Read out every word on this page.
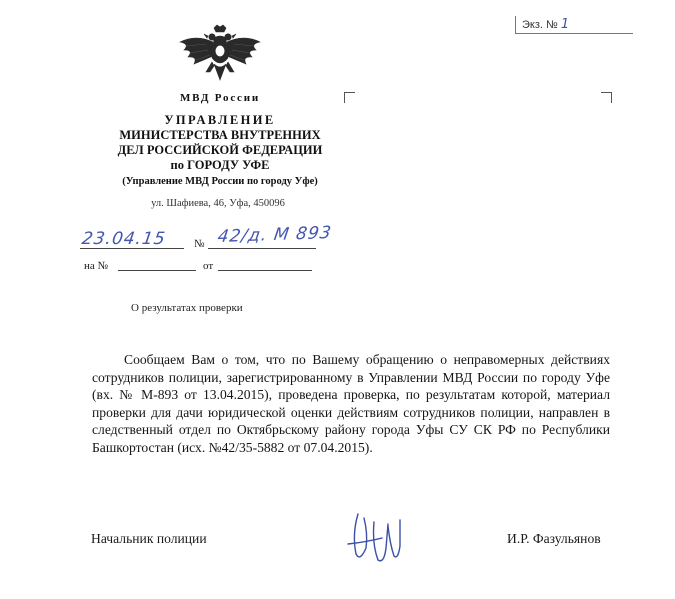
Экз. № 1
МВД России
УПРАВЛЕНИЕ
МИНИСТЕРСТВА ВНУТРЕННИХ
ДЕЛ РОССИЙСКОЙ ФЕДЕРАЦИИ
по ГОРОДУ УФЕ
(Управление МВД России по городу Уфе)
ул. Шафиева, 46, Уфа, 450096
23.04.15	№ 42/д. М 893
на №	от
О результатах проверки

Сообщаем Вам о том, что по Вашему обращению о неправомерных действиях сотрудников полиции, зарегистрированному в Управлении МВД России по городу Уфе (вх. № М-893 от 13.04.2015), проведена проверка, по результатам которой, материал проверки для дачи юридической оценки действиям сотрудников полиции, направлен в следственный отдел по Октябрьскому району города Уфы СУ СК РФ по Республики Башкортостан (исх. №42/35-5882 от 07.04.2015).

Начальник полиции	И.Р. Фазульянов
